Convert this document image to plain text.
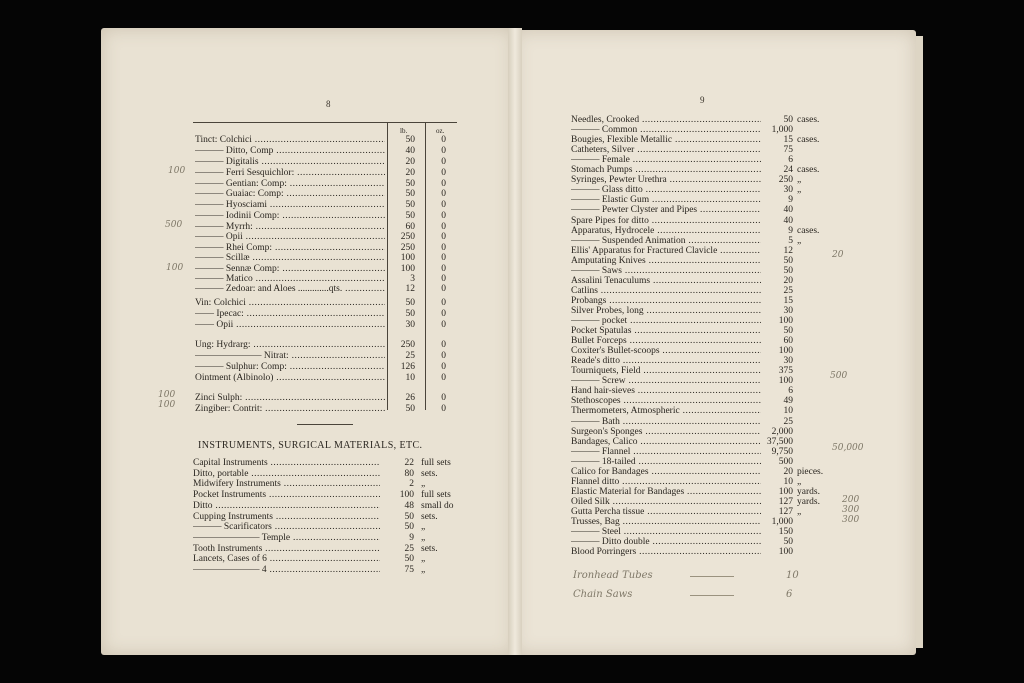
8	9
lb.	oz.
Tinct: Colchici .....	50	0
——— Ditto, Comp .....	40	0
——— Digitalis .....	20	0
——— Ferri Sesquichlor: .....	20	0
——— Gentian: Comp: .....	50	0
——— Guaiac: Comp: .....	50	0
——— Hyosciami .....	50	0
——— Iodinii Comp: .....	50	0
——— Myrrh: .....	60	0
——— Opii .....	250	0
——— Rhei Comp: .....	250	0
——— Scillæ .....	100	0
——— Sennæ Comp: .....	100	0
——— Matico .....	3	0
——— Zedoar: and Aloes .............qts. .....	12	0
Vin: Colchici .....	50	0
—— Ipecac: .....	50	0
—— Opii .....	30	0
Ung: Hydrarg: .....	250	0
——————— Nitrat: .....	25	0
——— Sulphur: Comp: .....	126	0
Ointment (Albinolo) .....	10	0
Zinci Sulph: .....	26	0
Zingiber: Contrit: .....	50	0
INSTRUMENTS, SURGICAL MATERIALS, ETC.
Capital Instruments .....	22 full sets
Ditto, portable .....	80 sets.
Midwifery Instruments .....	2 „
Pocket Instruments .....	100 full sets
Ditto .....	48 small do
Cupping Instruments .....	50 sets.
——— Scarificators .....	50 „
——————— Temple .....	9 „
Tooth Instruments .....	25 sets.
Lancets, Cases of 6 .....	50 „
——————— 4 .....	75 „
Needles, Crooked .....	50 cases.
——— Common .....	1,000
Bougies, Flexible Metallic .....	15 cases.
Catheters, Silver .....	75
——— Female .....	6
Stomach Pumps .....	24 cases.
Syringes, Pewter Urethra .....	250 „
——— Glass ditto .....	30 „
——— Elastic Gum .....	9
——— Pewter Clyster and Pipes .....	40
Spare Pipes for ditto .....	40
Apparatus, Hydrocele .....	9 cases.
——— Suspended Animation .....	5 „
Ellis' Apparatus for Fractured Clavicle .....	12
Amputating Knives .....	50
——— Saws .....	50
Assalini Tenaculums .....	20
Catlins .....	25
Probangs .....	15
Silver Probes, long .....	30
——— pocket .....	100
Pocket Spatulas .....	50
Bullet Forceps .....	60
Coxiter's Bullet-scoops .....	100
Reade's ditto .....	30
Tourniquets, Field .....	375
——— Screw .....	100
Hand hair-sieves .....	6
Stethoscopes .....	49
Thermometers, Atmospheric .....	10
——— Bath .....	25
Surgeon's Sponges .....	2,000
Bandages, Calico .....	37,500
——— Flannel .....	9,750
——— 18-tailed .....	500
Calico for Bandages .....	20 pieces.
Flannel ditto .....	10 „
Elastic Material for Bandages .....	100 yards.
Oiled Silk .....	127 yards.
Gutta Percha tissue .....	127 „
Trusses, Bag .....	1,000
——— Steel .....	150
——— Ditto double .....	50
Blood Porringers .....	100
Ironhead Tubes	10
Chain Saws	6
100
500
100
100
100
20
500
50,000
200
300
300
